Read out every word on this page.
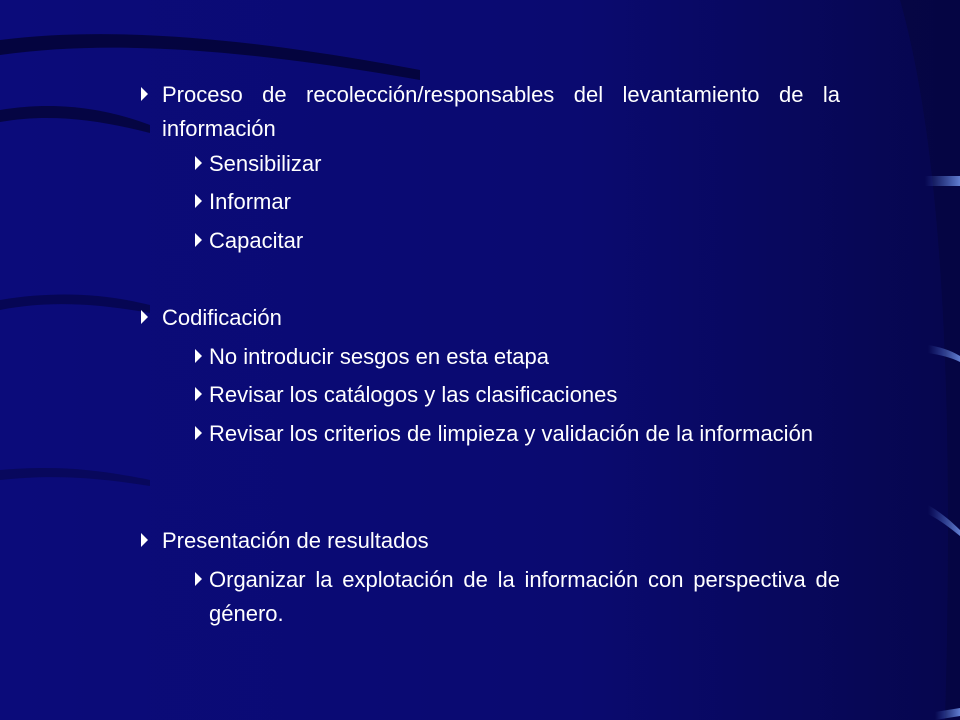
Proceso de recolección/responsables del levantamiento de la información
Sensibilizar
Informar
Capacitar
Codificación
No introducir sesgos en esta etapa
Revisar los catálogos y las clasificaciones
Revisar los criterios de limpieza y validación de la información
Presentación de resultados
Organizar la explotación de la información con perspectiva de género.
